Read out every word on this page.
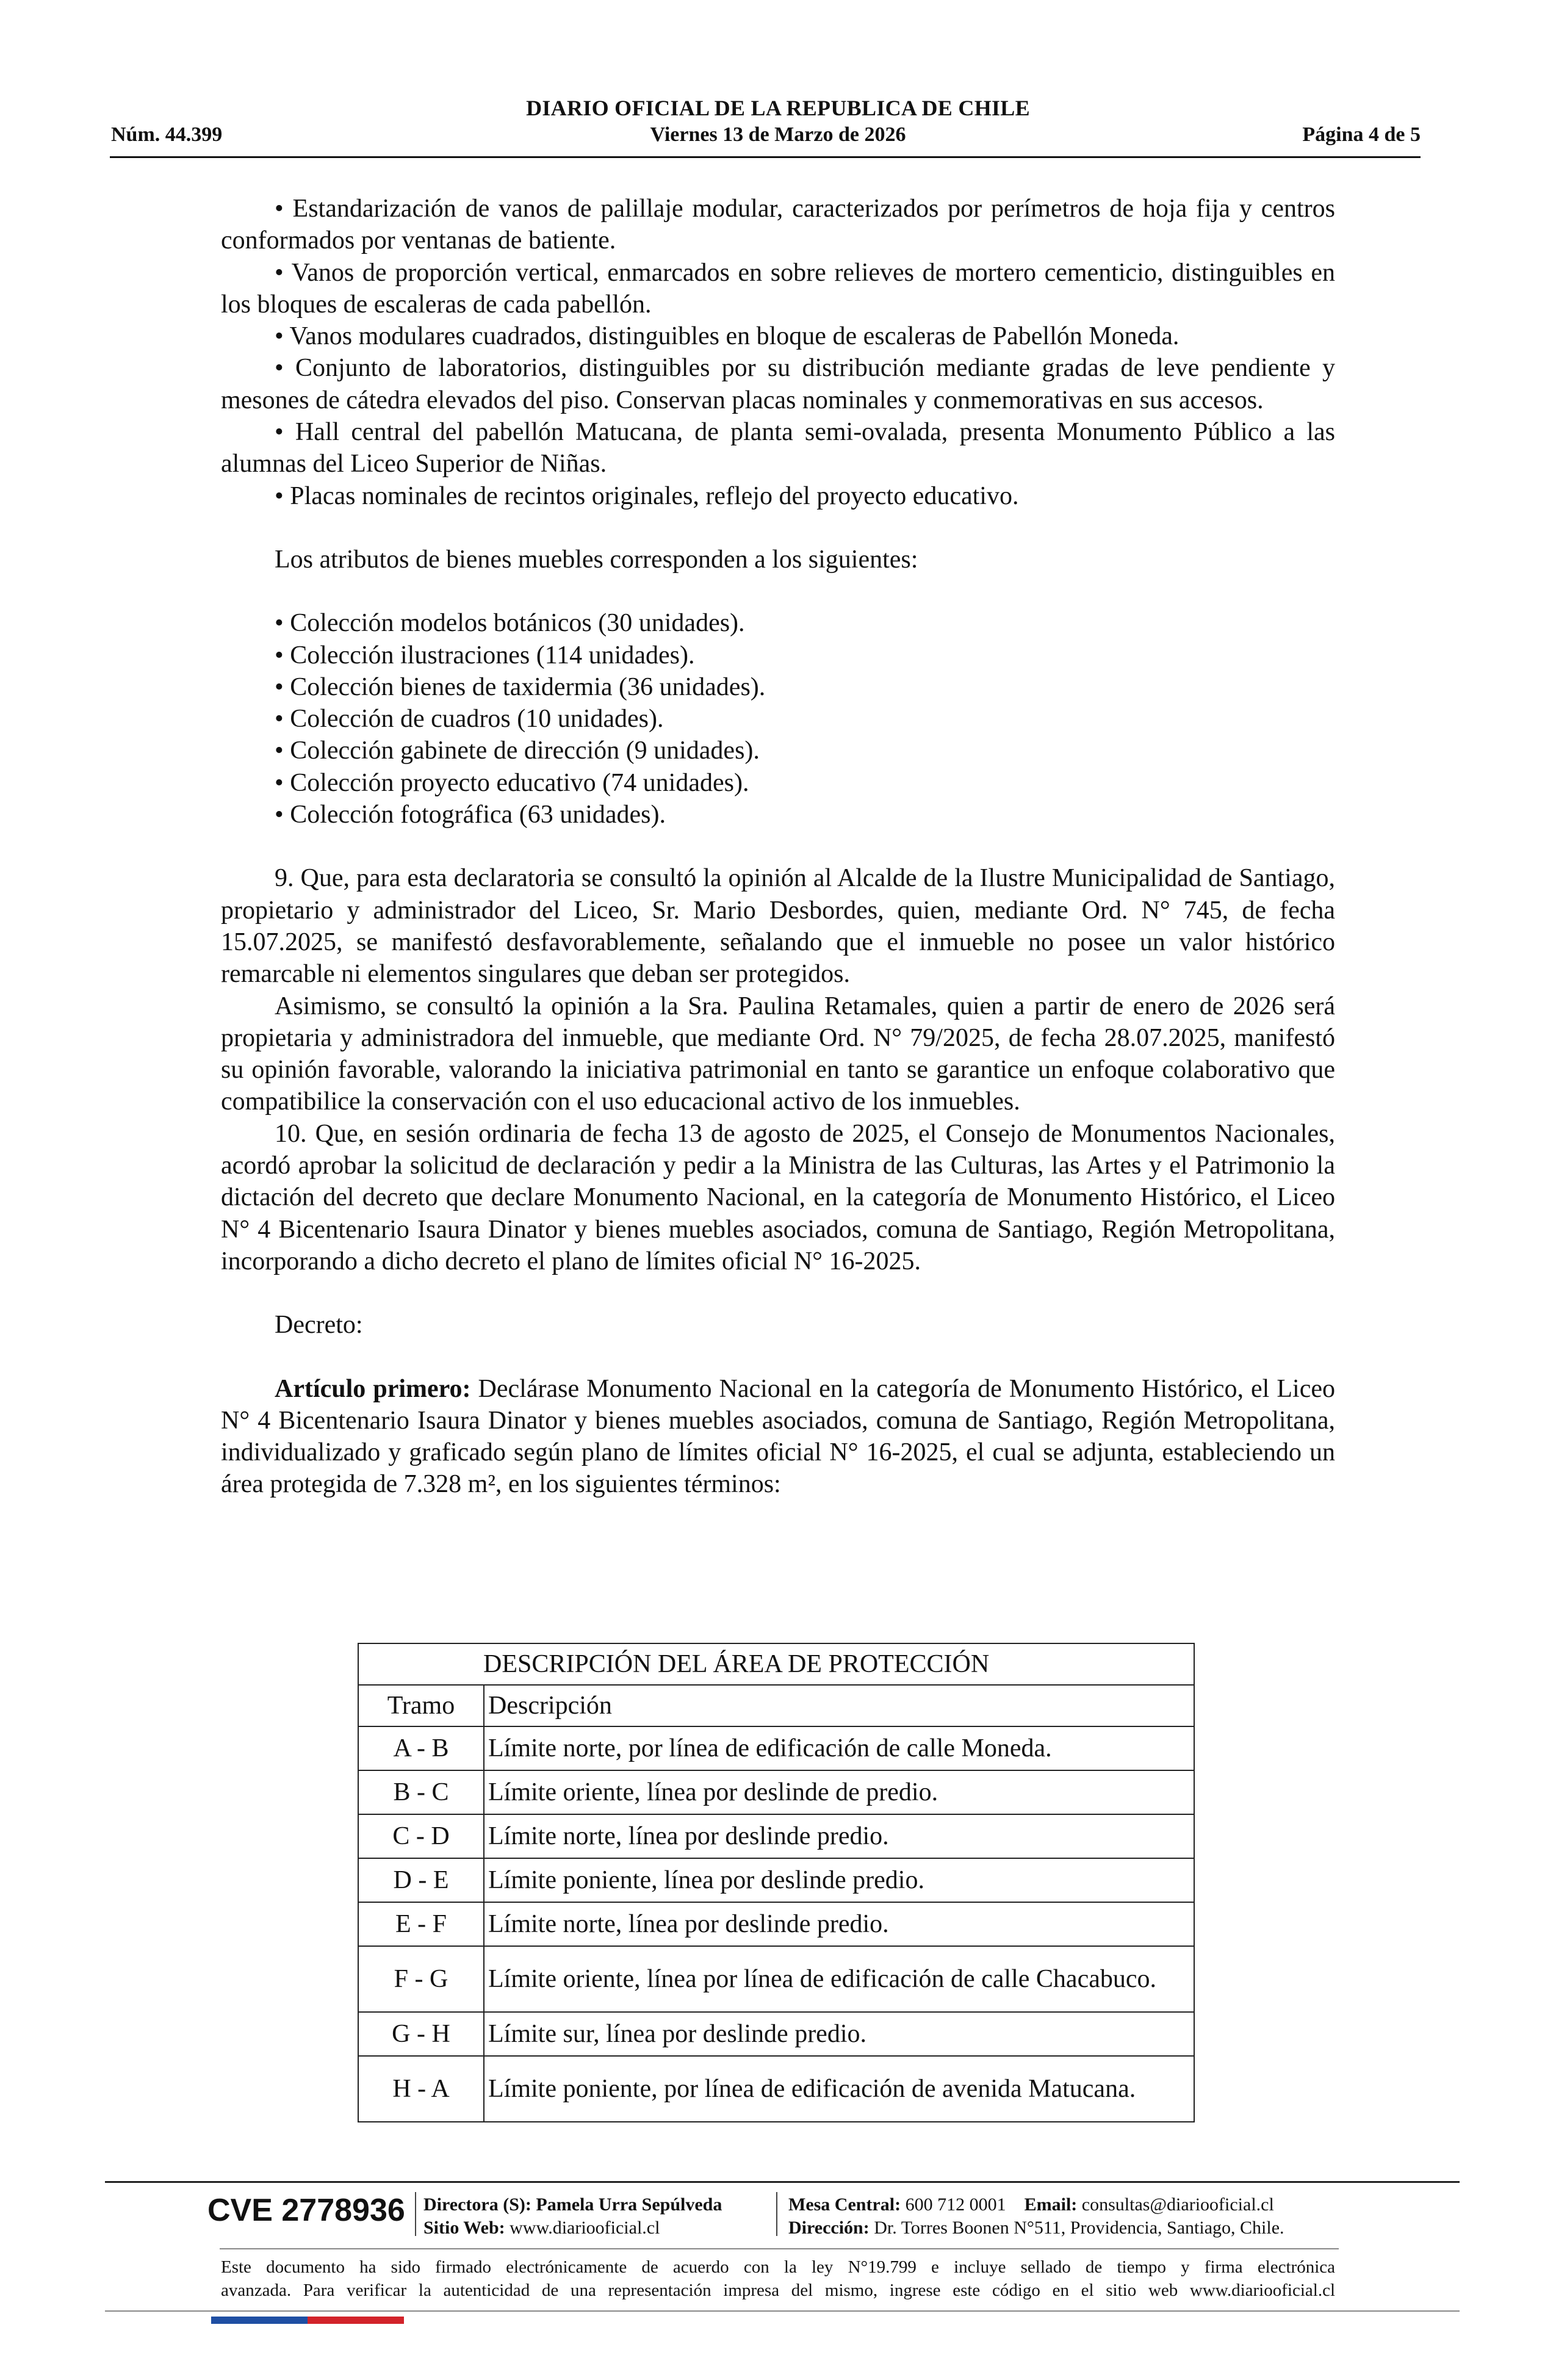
DIARIO OFICIAL DE LA REPUBLICA DE CHILE
Núm. 44.399	Viernes 13 de Marzo de 2026	Página 4 de 5

• Estandarización de vanos de palillaje modular, caracterizados por perímetros de hoja fija y centros conformados por ventanas de batiente.

• Vanos de proporción vertical, enmarcados en sobre relieves de mortero cementicio, distinguibles en los bloques de escaleras de cada pabellón.

• Vanos modulares cuadrados, distinguibles en bloque de escaleras de Pabellón Moneda.

• Conjunto de laboratorios, distinguibles por su distribución mediante gradas de leve pendiente y mesones de cátedra elevados del piso. Conservan placas nominales y conmemorativas en sus accesos.

• Hall central del pabellón Matucana, de planta semi-ovalada, presenta Monumento Público a las alumnas del Liceo Superior de Niñas.

• Placas nominales de recintos originales, reflejo del proyecto educativo.

Los atributos de bienes muebles corresponden a los siguientes:

• Colección modelos botánicos (30 unidades).
• Colección ilustraciones (114 unidades).
• Colección bienes de taxidermia (36 unidades).
• Colección de cuadros (10 unidades).
• Colección gabinete de dirección (9 unidades).
• Colección proyecto educativo (74 unidades).
• Colección fotográfica (63 unidades).

9. Que, para esta declaratoria se consultó la opinión al Alcalde de la Ilustre Municipalidad de Santiago, propietario y administrador del Liceo, Sr. Mario Desbordes, quien, mediante Ord. N° 745, de fecha 15.07.2025, se manifestó desfavorablemente, señalando que el inmueble no posee un valor histórico remarcable ni elementos singulares que deban ser protegidos.

Asimismo, se consultó la opinión a la Sra. Paulina Retamales, quien a partir de enero de 2026 será propietaria y administradora del inmueble, que mediante Ord. N° 79/2025, de fecha 28.07.2025, manifestó su opinión favorable, valorando la iniciativa patrimonial en tanto se garantice un enfoque colaborativo que compatibilice la conservación con el uso educacional activo de los inmuebles.

10. Que, en sesión ordinaria de fecha 13 de agosto de 2025, el Consejo de Monumentos Nacionales, acordó aprobar la solicitud de declaración y pedir a la Ministra de las Culturas, las Artes y el Patrimonio la dictación del decreto que declare Monumento Nacional, en la categoría de Monumento Histórico, el Liceo N° 4 Bicentenario Isaura Dinator y bienes muebles asociados, comuna de Santiago, Región Metropolitana, incorporando a dicho decreto el plano de límites oficial N° 16-2025.

Decreto:

Artículo primero: Declárase Monumento Nacional en la categoría de Monumento Histórico, el Liceo N° 4 Bicentenario Isaura Dinator y bienes muebles asociados, comuna de Santiago, Región Metropolitana, individualizado y graficado según plano de límites oficial N° 16-2025, el cual se adjunta, estableciendo un área protegida de 7.328 m², en los siguientes términos:

DESCRIPCIÓN DEL ÁREA DE PROTECCIÓN	
Tramo	Descripción
A - B	Límite norte, por línea de edificación de calle Moneda.
B - C	Límite oriente, línea por deslinde de predio.
C - D	Límite norte, línea por deslinde predio.
D - E	Límite poniente, línea por deslinde predio.
E - F	Límite norte, línea por deslinde predio.
F - G	Límite oriente, línea por línea de edificación de calle Chacabuco.
G - H	Límite sur, línea por deslinde predio.
H - A	Límite poniente, por línea de edificación de avenida Matucana.
CVE 2778936 Directora (S): Pamela Urra Sepúlveda
Sitio Web: www.diariooficial.cl
Mesa Central: 600 712 0001 Email: consultas@diariooficial.cl
Dirección: Dr. Torres Boonen N°511, Providencia, Santiago, Chile.
Este documento ha sido firmado electrónicamente de acuerdo con la ley N°19.799 e incluye sellado de tiempo y firma electrónica
avanzada. Para verificar la autenticidad de una representación impresa del mismo, ingrese este código en el sitio web www.diariooficial.cl
